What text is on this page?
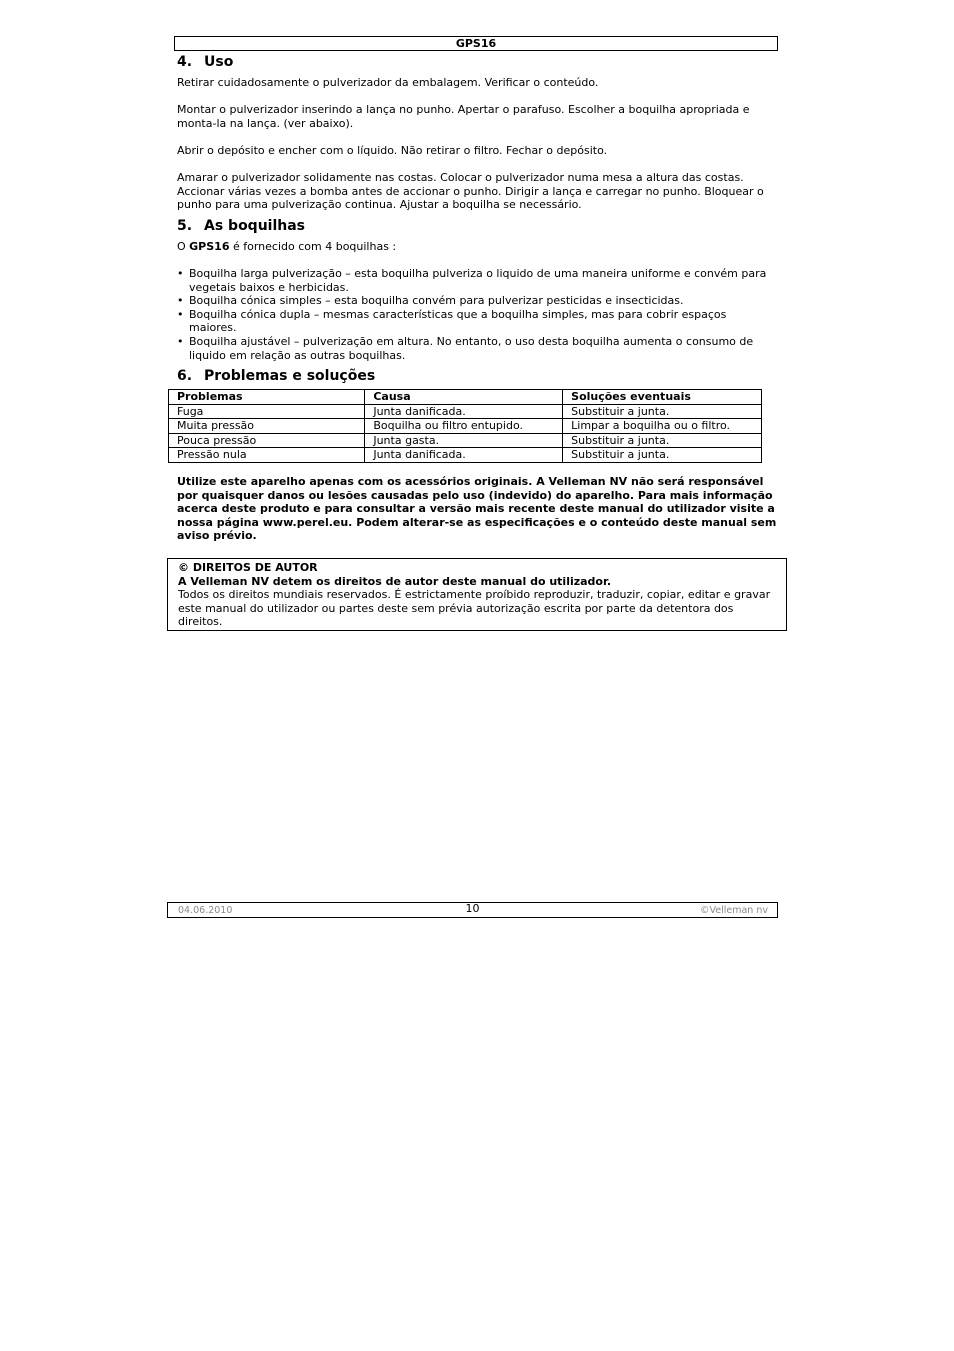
GPS16
4. Uso

Retirar cuidadosamente o pulverizador da embalagem. Verificar o conteúdo.

Montar o pulverizador inserindo a lança no punho. Apertar o parafuso. Escolher a boquilha apropriada e monta-la na lança. (ver abaixo).

Abrir o depósito e encher com o líquido. Não retirar o filtro. Fechar o depósito.

Amarar o pulverizador solidamente nas costas. Colocar o pulverizador numa mesa a altura das costas. Accionar várias vezes a bomba antes de accionar o punho. Dirigir a lança e carregar no punho. Bloquear o punho para uma pulverização continua. Ajustar a boquilha se necessário.

5. As boquilhas

O GPS16 é fornecido com 4 boquilhas :

• Boquilha larga pulverização – esta boquilha pulveriza o liquido de uma maneira uniforme e convém para vegetais baixos e herbicidas.
• Boquilha cónica simples – esta boquilha convém para pulverizar pesticidas e insecticidas.
• Boquilha cónica dupla – mesmas características que a boquilha simples, mas para cobrir espaços maiores.
• Boquilha ajustável – pulverização em altura. No entanto, o uso desta boquilha aumenta o consumo de liquido em relação as outras boquilhas.
6. Problemas e soluções
Problemas	Causa	Soluções eventuais
Fuga	Junta danificada.	Substituir a junta.
Muita pressão	Boquilha ou filtro entupido.	Limpar a boquilha ou o filtro.
Pouca pressão	Junta gasta.	Substituir a junta.
Pressão nula	Junta danificada.	Substituir a junta.

Utilize este aparelho apenas com os acessórios originais. A Velleman NV não será responsável por quaisquer danos ou lesões causadas pelo uso (indevido) do aparelho. Para mais informação acerca deste produto e para consultar a versão mais recente deste manual do utilizador visite a nossa página www.perel.eu. Podem alterar-se as especificações e o conteúdo deste manual sem aviso prévio.

© DIREITOS DE AUTOR
A Velleman NV detem os direitos de autor deste manual do utilizador.
Todos os direitos mundiais reservados. É estrictamente proíbido reproduzir, traduzir, copiar, editar e gravar este manual do utilizador ou partes deste sem prévia autorização escrita por parte da detentora dos direitos.
04.06.2010	10	©Velleman nv
